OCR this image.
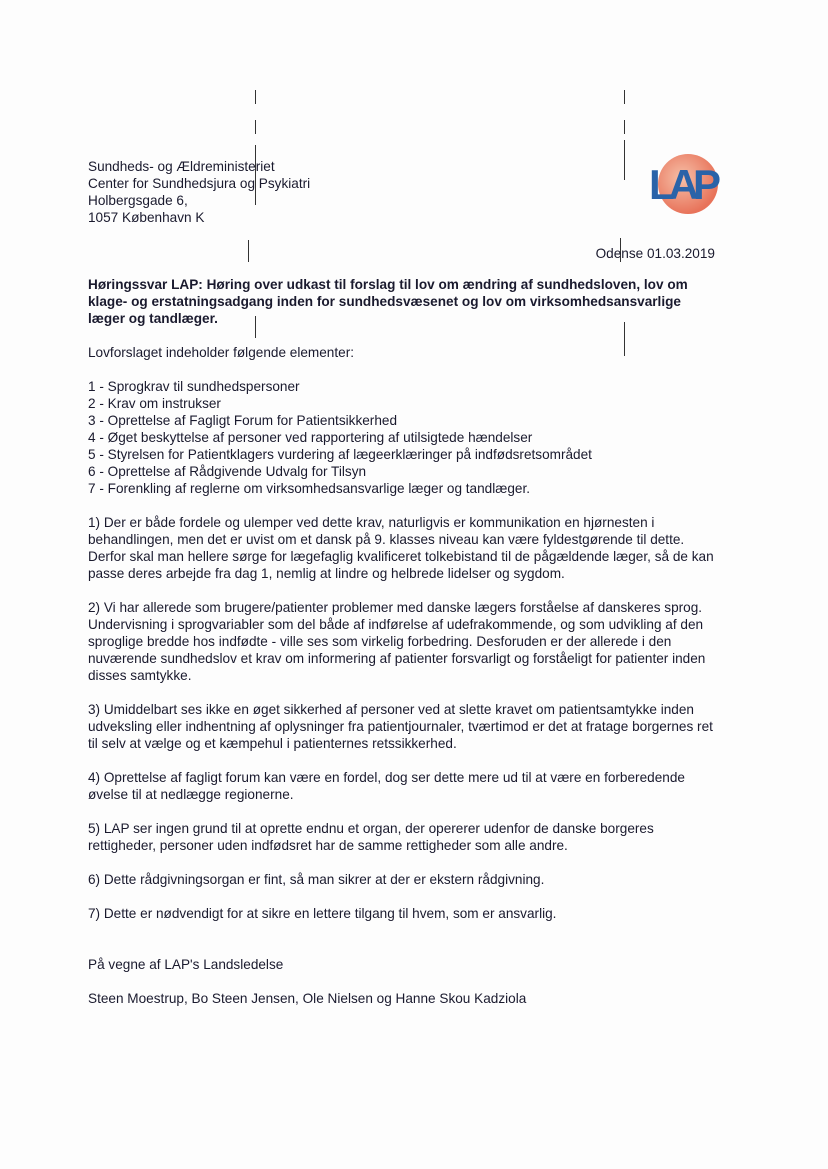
Sundheds- og Ældreministeriet
Center for Sundhedsjura og Psykiatri
Holbergsgade 6,
1057 København K
LAP
Odense 01.03.2019

Høringssvar LAP: Høring over udkast til forslag til lov om ændring af sundhedsloven, lov om klage- og erstatningsadgang inden for sundhedsvæsenet og lov om virksomhedsansvarlige læger og tandlæger.

Lovforslaget indeholder følgende elementer:

1 - Sprogkrav til sundhedspersoner
2 - Krav om instrukser
3 - Oprettelse af Fagligt Forum for Patientsikkerhed
4 - Øget beskyttelse af personer ved rapportering af utilsigtede hændelser
5 - Styrelsen for Patientklagers vurdering af lægeerklæringer på indfødsretsområdet
6 - Oprettelse af Rådgivende Udvalg for Tilsyn
7 - Forenkling af reglerne om virksomhedsansvarlige læger og tandlæger.

1) Der er både fordele og ulemper ved dette krav, naturligvis er kommunikation en hjørnesten i behandlingen, men det er uvist om et dansk på 9. klasses niveau kan være fyldestgørende til dette. Derfor skal man hellere sørge for lægefaglig kvalificeret tolkebistand til de pågældende læger, så de kan passe deres arbejde fra dag 1, nemlig at lindre og helbrede lidelser og sygdom.

2) Vi har allerede som brugere/patienter problemer med danske lægers forståelse af danskeres sprog. Undervisning i sprogvariabler som del både af indførelse af udefrakommende, og som udvikling af den sproglige bredde hos indfødte - ville ses som virkelig forbedring. Desforuden er der allerede i den nuværende sundhedslov et krav om informering af patienter forsvarligt og forståeligt for patienter inden disses samtykke.

3) Umiddelbart ses ikke en øget sikkerhed af personer ved at slette kravet om patientsamtykke inden udveksling eller indhentning af oplysninger fra patientjournaler, tværtimod er det at fratage borgernes ret til selv at vælge og et kæmpehul i patienternes retssikkerhed.

4) Oprettelse af fagligt forum kan være en fordel, dog ser dette mere ud til at være en forberedende øvelse til at nedlægge regionerne.

5) LAP ser ingen grund til at oprette endnu et organ, der opererer udenfor de danske borgeres rettigheder, personer uden indfødsret har de samme rettigheder som alle andre.

6) Dette rådgivningsorgan er fint, så man sikrer at der er ekstern rådgivning.

7) Dette er nødvendigt for at sikre en lettere tilgang til hvem, som er ansvarlig.

På vegne af LAP's Landsledelse

Steen Moestrup, Bo Steen Jensen, Ole Nielsen og Hanne Skou Kadziola
